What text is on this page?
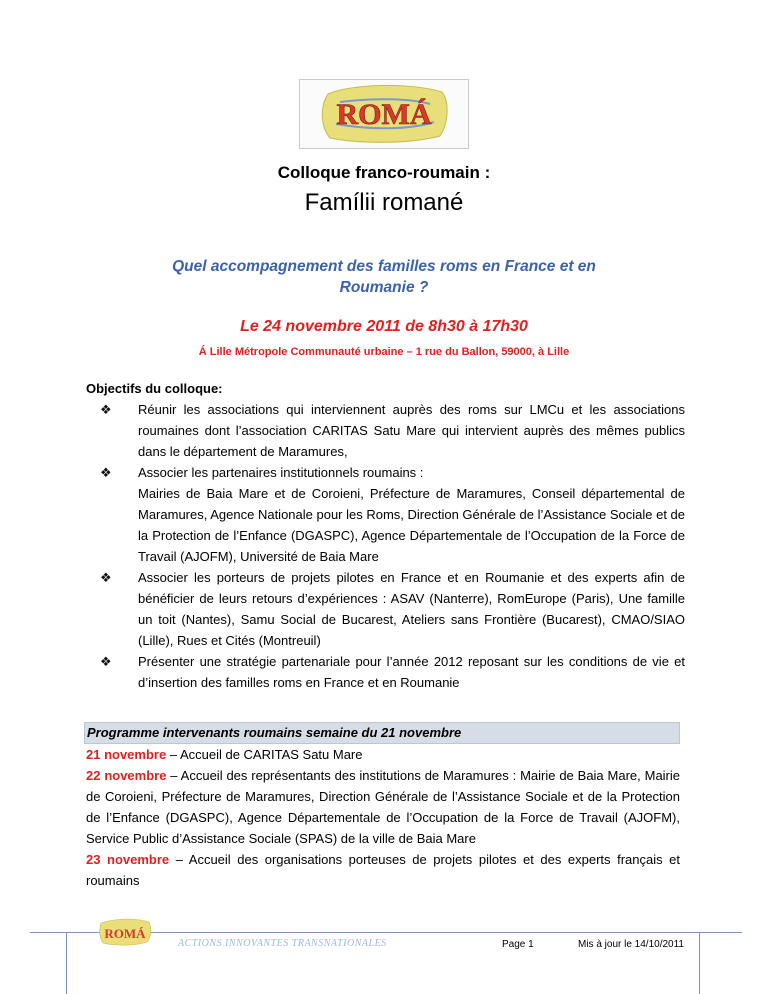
ROMÁ
Colloque franco-roumain :
Famílii romané
Quel accompagnement des familles roms en France et en Roumanie ?
Le 24 novembre 2011 de 8h30 à 17h30
Á Lille Métropole Communauté urbaine – 1 rue du Ballon, 59000, à Lille
Objectifs du colloque:
❖ Réunir les associations qui interviennent auprès des roms sur LMCu et les associations roumaines dont l’association CARITAS Satu Mare qui intervient auprès des mêmes publics dans le département de Maramures,
❖ Associer les partenaires institutionnels roumains :
Mairies de Baia Mare et de Coroieni, Préfecture de Maramures, Conseil départemental de Maramures, Agence Nationale pour les Roms, Direction Générale de l’Assistance Sociale et de la Protection de l’Enfance (DGASPC), Agence Départementale de l’Occupation de la Force de Travail (AJOFM), Université de Baia Mare
❖ Associer les porteurs de projets pilotes en France et en Roumanie et des experts afin de bénéficier de leurs retours d’expériences : ASAV (Nanterre), RomEurope (Paris), Une famille un toit (Nantes), Samu Social de Bucarest, Ateliers sans Frontière (Bucarest), CMAO/SIAO (Lille), Rues et Cités (Montreuil)
❖ Présenter une stratégie partenariale pour l’année 2012 reposant sur les conditions de vie et d’insertion des familles roms en France et en Roumanie
Programme intervenants roumains semaine du 21 novembre
21 novembre – Accueil de CARITAS Satu Mare
22 novembre – Accueil des représentants des institutions de Maramures : Mairie de Baia Mare, Mairie de Coroieni, Préfecture de Maramures, Direction Générale de l’Assistance Sociale et de la Protection de l’Enfance (DGASPC), Agence Départementale de l’Occupation de la Force de Travail (AJOFM), Service Public d’Assistance Sociale (SPAS) de la ville de Baia Mare
23 novembre – Accueil des organisations porteuses de projets pilotes et des experts français et roumains
ROMÁ
ACTIONS INNOVANTES TRANSNATIONALES	Page 1	Mis à jour le 14/10/2011
